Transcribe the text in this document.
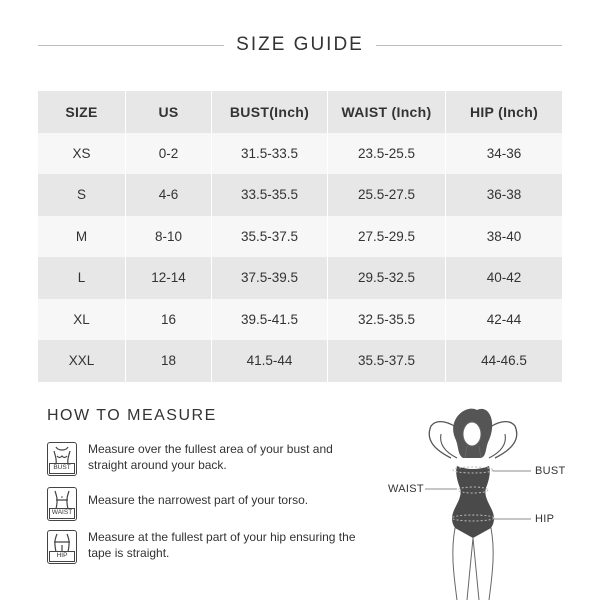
SIZE GUIDE
SIZE	US	BUST(Inch)	WAIST (Inch)	HIP (Inch)
XS	0-2	31.5-33.5	23.5-25.5	34-36
S	4-6	33.5-35.5	25.5-27.5	36-38
M	8-10	35.5-37.5	27.5-29.5	38-40
L	12-14	37.5-39.5	29.5-32.5	40-42
XL	16	39.5-41.5	32.5-35.5	42-44
XXL	18	41.5-44	35.5-37.5	44-46.5
HOW TO MEASURE
BUST
Measure over the fullest area of your bust and straight around your back.
WAIST
Measure the narrowest part of your torso.
HIP
Measure at the fullest part of your hip ensuring the tape is straight.
BUST
WAIST
HIP
